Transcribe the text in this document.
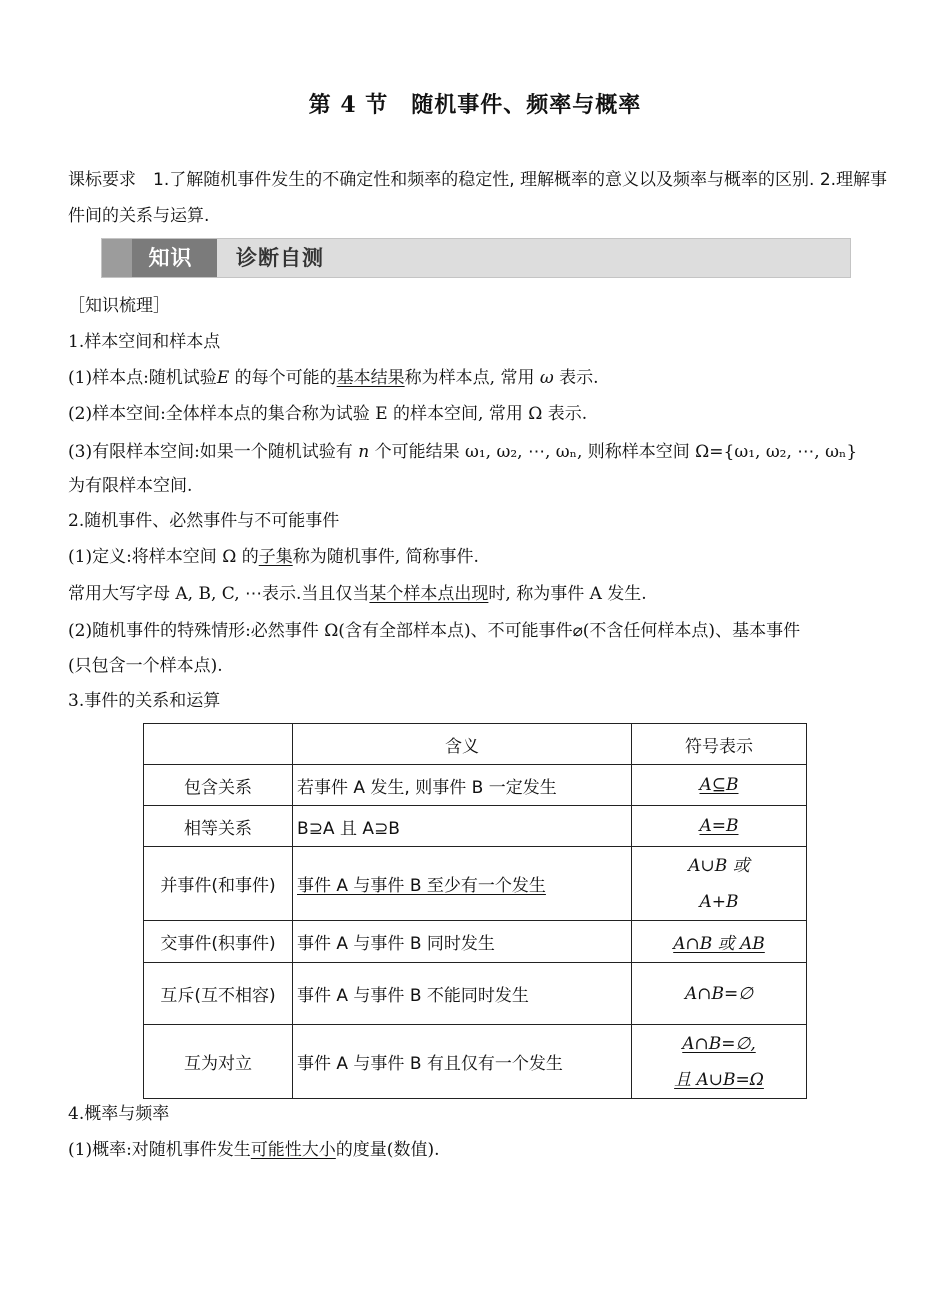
第 4 节　随机事件、频率与概率
课标要求　1.了解随机事件发生的不确定性和频率的稳定性, 理解概率的意义以及频率与概率的区别. 2.理解事件间的关系与运算.
知识	诊断自测
［知识梳理］
1.样本空间和样本点
(1)样本点:随机试验E 的每个可能的基本结果称为样本点, 常用 ω 表示.
(2)样本空间:全体样本点的集合称为试验 E 的样本空间, 常用 Ω 表示.
(3)有限样本空间:如果一个随机试验有 n 个可能结果 ω₁, ω₂, ⋯, ωₙ, 则称样本空间 Ω={ω₁, ω₂, ⋯, ωₙ}
为有限样本空间.
2.随机事件、必然事件与不可能事件
(1)定义:将样本空间 Ω 的子集称为随机事件, 简称事件.
常用大写字母 A, B, C, ⋯表示.当且仅当某个样本点出现时, 称为事件 A 发生.
(2)随机事件的特殊情形:必然事件 Ω(含有全部样本点)、不可能事件⌀(不含任何样本点)、基本事件
(只包含一个样本点).
3.事件的关系和运算
	含义	符号表示
包含关系	若事件 A 发生, 则事件 B 一定发生	A⊆B
相等关系	B⊇A 且 A⊇B	A=B
并事件(和事件)	事件 A 与事件 B 至少有一个发生	A∪B 或
A+B

交事件(积事件)	事件 A 与事件 B 同时发生	A∩B 或 AB
互斥(互不相容)	事件 A 与事件 B 不能同时发生	A∩B=∅
互为对立	事件 A 与事件 B 有且仅有一个发生	A∩B=∅,
且 A∪B=Ω
4.概率与频率
(1)概率:对随机事件发生可能性大小的度量(数值).
